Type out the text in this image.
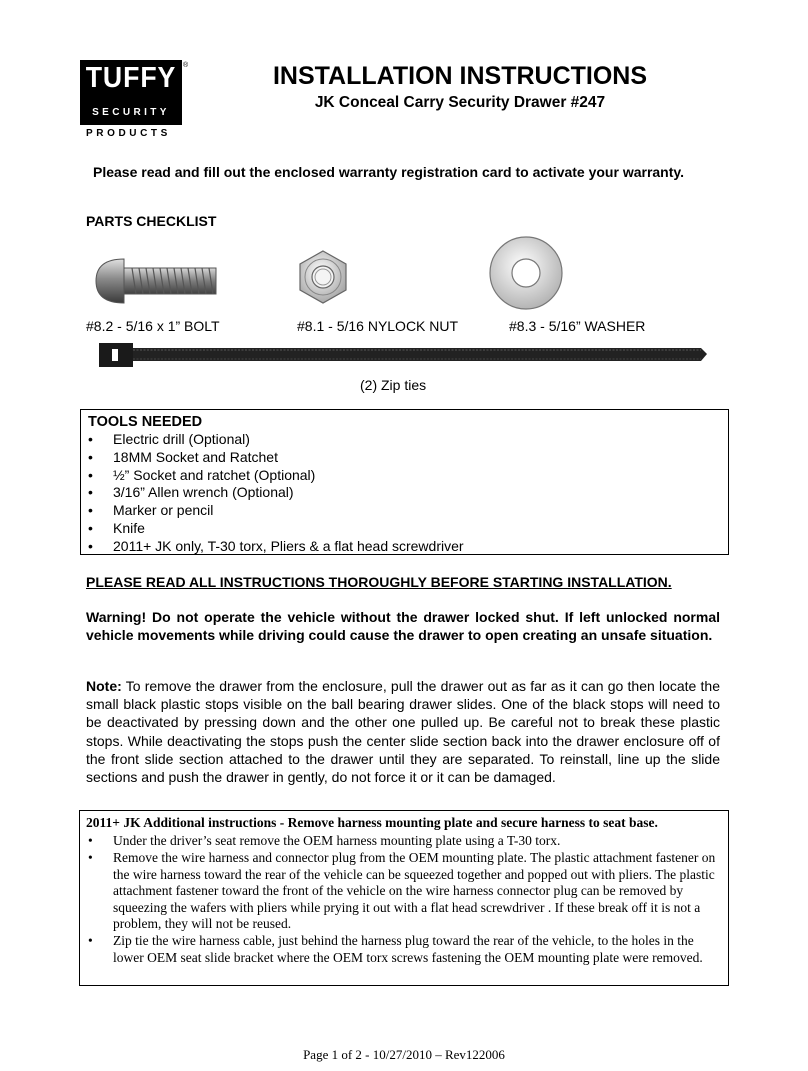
TUFFY ®
SECURITY
PRODUCTS
INSTALLATION INSTRUCTIONS
JK Conceal Carry Security Drawer #247
Please read and fill out the enclosed warranty registration card to activate your warranty.
PARTS CHECKLIST
#8.2 - 5/16 x 1” BOLT	#8.1 - 5/16 NYLOCK NUT	#8.3 - 5/16” WASHER
(2) Zip ties
TOOLS NEEDED
• Electric drill (Optional)
• 18MM Socket and Ratchet
• ½” Socket and ratchet (Optional)
• 3/16” Allen wrench (Optional)
• Marker or pencil
• Knife
• 2011+ JK only, T-30 torx, Pliers & a flat head screwdriver
PLEASE READ ALL INSTRUCTIONS THOROUGHLY BEFORE STARTING INSTALLATION.
Warning! Do not operate the vehicle without the drawer locked shut. If left unlocked normal vehicle movements while driving could cause the drawer to open creating an unsafe situation.
Note: To remove the drawer from the enclosure, pull the drawer out as far as it can go then locate the small black plastic stops visible on the ball bearing drawer slides. One of the black stops will need to be deactivated by pressing down and the other one pulled up. Be careful not to break these plastic stops. While deactivating the stops push the center slide section back into the drawer enclosure off of the front slide section attached to the drawer until they are separated. To reinstall, line up the slide sections and push the drawer in gently, do not force it or it can be damaged.
2011+ JK Additional instructions - Remove harness mounting plate and secure harness to seat base.
• Under the driver’s seat remove the OEM harness mounting plate using a T-30 torx.
• Remove the wire harness and connector plug from the OEM mounting plate. The plastic attachment fastener on the wire harness toward the rear of the vehicle can be squeezed together and popped out with pliers. The plastic attachment fastener toward the front of the vehicle on the wire harness connector plug can be removed by squeezing the wafers with pliers while prying it out with a flat head screwdriver . If these break off it is not a problem, they will not be reused.
• Zip tie the wire harness cable, just behind the harness plug toward the rear of the vehicle, to the holes in the lower OEM seat slide bracket where the OEM torx screws fastening the OEM mounting plate were removed.
Page 1 of 2 - 10/27/2010 – Rev122006
